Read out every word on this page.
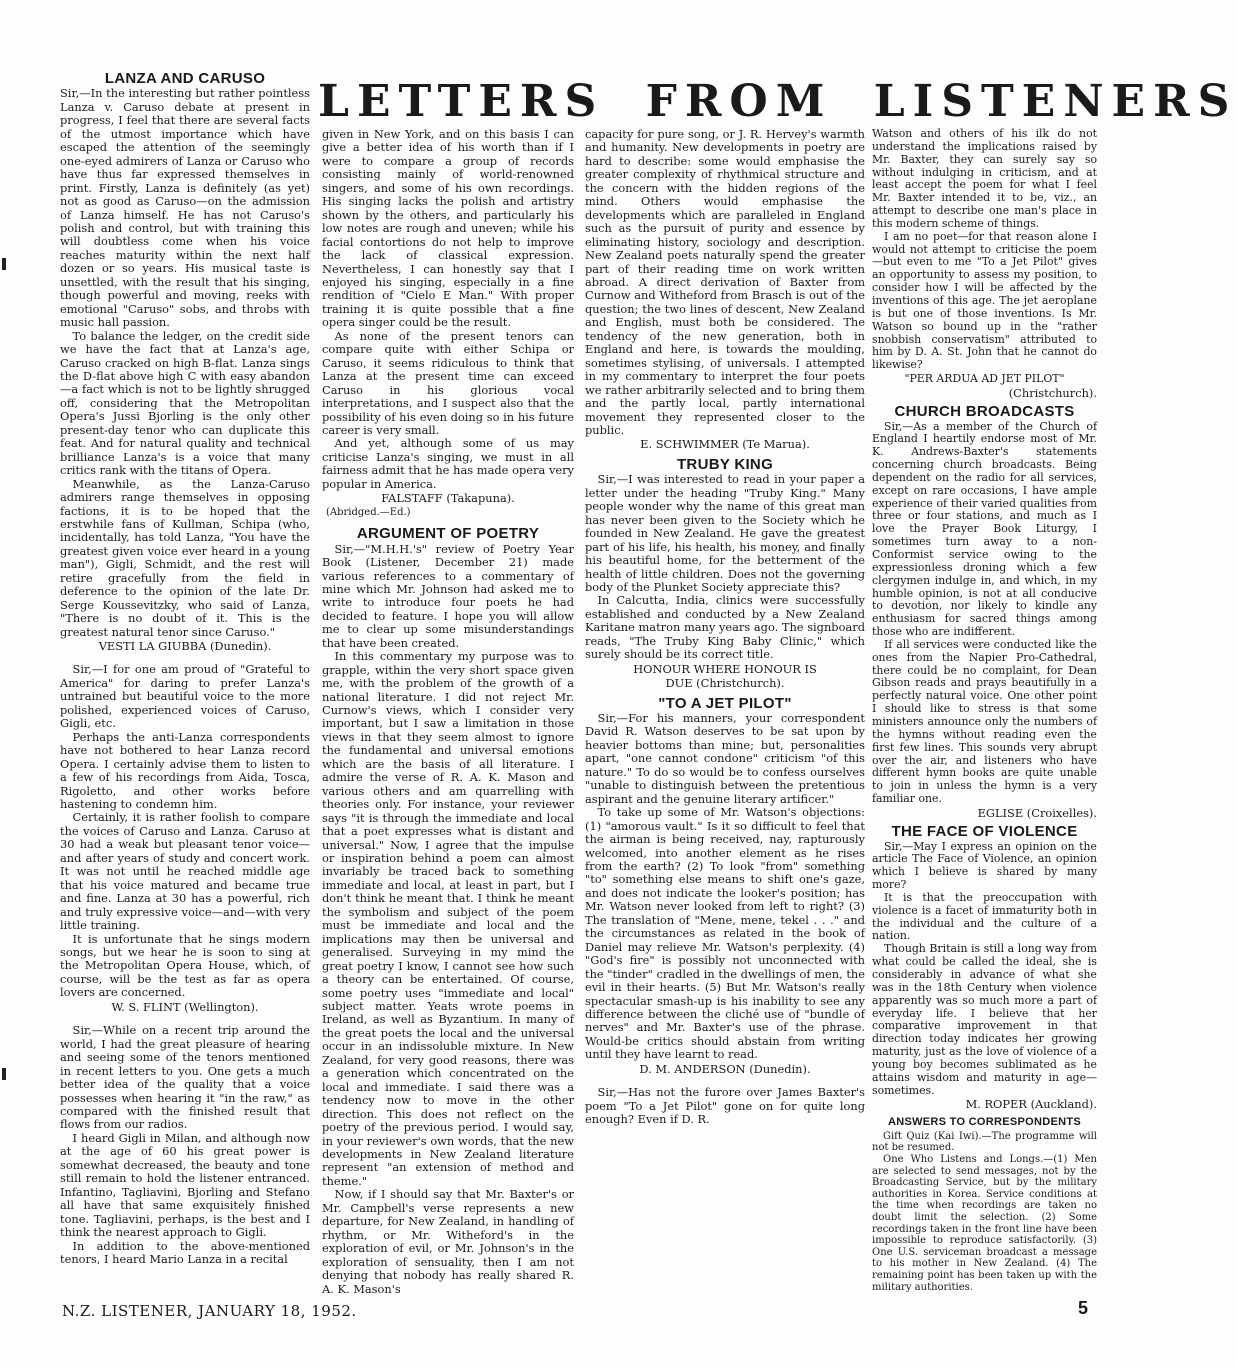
LETTERS FROM LISTENERS
LANZA AND CARUSO

Sir,—In the interesting but rather pointless Lanza v. Caruso debate at present in progress, I feel that there are several facts of the utmost importance which have escaped the attention of the seemingly one-eyed admirers of Lanza or Caruso who have thus far expressed themselves in print. Firstly, Lanza is definitely (as yet) not as good as Caruso—on the admission of Lanza himself. He has not Caruso's polish and control, but with training this will doubtless come when his voice reaches maturity within the next half dozen or so years. His musical taste is unsettled, with the result that his singing, though powerful and moving, reeks with emotional "Caruso" sobs, and throbs with music hall passion.

To balance the ledger, on the credit side we have the fact that at Lanza's age, Caruso cracked on high B-flat. Lanza sings the D-flat above high C with easy abandon—a fact which is not to be lightly shrugged off, considering that the Metropolitan Opera's Jussi Bjorling is the only other present-day tenor who can duplicate this feat. And for natural quality and technical brilliance Lanza's is a voice that many critics rank with the titans of Opera.

Meanwhile, as the Lanza-Caruso admirers range themselves in opposing factions, it is to be hoped that the erstwhile fans of Kullman, Schipa (who, incidentally, has told Lanza, "You have the greatest given voice ever heard in a young man"), Gigli, Schmidt, and the rest will retire gracefully from the field in deference to the opinion of the late Dr. Serge Koussevitzky, who said of Lanza, "There is no doubt of it. This is the greatest natural tenor since Caruso."

VESTI LA GIUBBA (Dunedin).

Sir,—I for one am proud of "Grateful to America" for daring to prefer Lanza's untrained but beautiful voice to the more polished, experienced voices of Caruso, Gigli, etc.

Perhaps the anti-Lanza correspondents have not bothered to hear Lanza record Opera. I certainly advise them to listen to a few of his recordings from Aida, Tosca, Rigoletto, and other works before hastening to condemn him.

Certainly, it is rather foolish to compare the voices of Caruso and Lanza. Caruso at 30 had a weak but pleasant tenor voice—and after years of study and concert work. It was not until he reached middle age that his voice matured and became true and fine. Lanza at 30 has a powerful, rich and truly expressive voice—and—with very little training.

It is unfortunate that he sings modern songs, but we hear he is soon to sing at the Metropolitan Opera House, which, of course, will be the test as far as opera lovers are concerned.

W. S. FLINT (Wellington).

Sir,—While on a recent trip around the world, I had the great pleasure of hearing and seeing some of the tenors mentioned in recent letters to you. One gets a much better idea of the quality that a voice possesses when hearing it "in the raw," as compared with the finished result that flows from our radios.

I heard Gigli in Milan, and although now at the age of 60 his great power is somewhat decreased, the beauty and tone still remain to hold the listener entranced. Infantino, Tagliavini, Bjorling and Stefano all have that same exquisitely finished tone. Tagliavini, perhaps, is the best and I think the nearest approach to Gigli.

In addition to the above-mentioned tenors, I heard Mario Lanza in a recital

given in New York, and on this basis I can give a better idea of his worth than if I were to compare a group of records consisting mainly of world-renowned singers, and some of his own recordings. His singing lacks the polish and artistry shown by the others, and particularly his low notes are rough and uneven; while his facial contortions do not help to improve the lack of classical expression. Nevertheless, I can honestly say that I enjoyed his singing, especially in a fine rendition of "Cielo E Man." With proper training it is quite possible that a fine opera singer could be the result.

As none of the present tenors can compare quite with either Schipa or Caruso, it seems ridiculous to think that Lanza at the present time can exceed Caruso in his glorious vocal interpretations, and I suspect also that the possibility of his even doing so in his future career is very small.

And yet, although some of us may criticise Lanza's singing, we must in all fairness admit that he has made opera very popular in America.

FALSTAFF (Takapuna).
(Abridged.—Ed.)
ARGUMENT OF POETRY

Sir,—"M.H.H.'s" review of Poetry Year Book (Listener, December 21) made various references to a commentary of mine which Mr. Johnson had asked me to write to introduce four poets he had decided to feature. I hope you will allow me to clear up some misunderstandings that have been created.

In this commentary my purpose was to grapple, within the very short space given me, with the problem of the growth of a national literature. I did not reject Mr. Curnow's views, which I consider very important, but I saw a limitation in those views in that they seem almost to ignore the fundamental and universal emotions which are the basis of all literature. I admire the verse of R. A. K. Mason and various others and am quarrelling with theories only. For instance, your reviewer says "it is through the immediate and local that a poet expresses what is distant and universal." Now, I agree that the impulse or inspiration behind a poem can almost invariably be traced back to something immediate and local, at least in part, but I don't think he meant that. I think he meant the symbolism and subject of the poem must be immediate and local and the implications may then be universal and generalised. Surveying in my mind the great poetry I know, I cannot see how such a theory can be entertained. Of course, some poetry uses "immediate and local" subject matter. Yeats wrote poems in Ireland, as well as Byzantium. In many of the great poets the local and the universal occur in an indissoluble mixture. In New Zealand, for very good reasons, there was a generation which concentrated on the local and immediate. I said there was a tendency now to move in the other direction. This does not reflect on the poetry of the previous period. I would say, in your reviewer's own words, that the new developments in New Zealand literature represent "an extension of method and theme."

Now, if I should say that Mr. Baxter's or Mr. Campbell's verse represents a new departure, for New Zealand, in handling of rhythm, or Mr. Witheford's in the exploration of evil, or Mr. Johnson's in the exploration of sensuality, then I am not denying that nobody has really shared R. A. K. Mason's

capacity for pure song, or J. R. Hervey's warmth and humanity. New developments in poetry are hard to describe: some would emphasise the greater complexity of rhythmical structure and the concern with the hidden regions of the mind. Others would emphasise the developments which are paralleled in England such as the pursuit of purity and essence by eliminating history, sociology and description. New Zealand poets naturally spend the greater part of their reading time on work written abroad. A direct derivation of Baxter from Curnow and Witheford from Brasch is out of the question; the two lines of descent, New Zealand and English, must both be considered. The tendency of the new generation, both in England and here, is towards the moulding, sometimes stylising, of universals. I attempted in my commentary to interpret the four poets we rather arbitrarily selected and to bring them and the partly local, partly international movement they represented closer to the public.

E. SCHWIMMER (Te Marua).
TRUBY KING

Sir,—I was interested to read in your paper a letter under the heading "Truby King." Many people wonder why the name of this great man has never been given to the Society which he founded in New Zealand. He gave the greatest part of his life, his health, his money, and finally his beautiful home, for the betterment of the health of little children. Does not the governing body of the Plunket Society appreciate this?

In Calcutta, India, clinics were successfully established and conducted by a New Zealand Karitane matron many years ago. The signboard reads, "The Truby King Baby Clinic," which surely should be its correct title.

HONOUR WHERE HONOUR IS
DUE (Christchurch).
"TO A JET PILOT"

Sir,—For his manners, your correspondent David R. Watson deserves to be sat upon by heavier bottoms than mine; but, personalities apart, "one cannot condone" criticism "of this nature." To do so would be to confess ourselves "unable to distinguish between the pretentious aspirant and the genuine literary artificer."

To take up some of Mr. Watson's objections: (1) "amorous vault." Is it so difficult to feel that the airman is being received, nay, rapturously welcomed, into another element as he rises from the earth? (2) To look "from" something "to" something else means to shift one's gaze, and does not indicate the looker's position; has Mr. Watson never looked from left to right? (3) The translation of "Mene, mene, tekel . . ." and the circumstances as related in the book of Daniel may relieve Mr. Watson's perplexity. (4) "God's fire" is possibly not unconnected with the "tinder" cradled in the dwellings of men, the evil in their hearts. (5) But Mr. Watson's really spectacular smash-up is his inability to see any difference between the cliché use of "bundle of nerves" and Mr. Baxter's use of the phrase. Would-be critics should abstain from writing until they have learnt to read.

D. M. ANDERSON (Dunedin).

Sir,—Has not the furore over James Baxter's poem "To a Jet Pilot" gone on for quite long enough? Even if D. R.

Watson and others of his ilk do not understand the implications raised by Mr. Baxter, they can surely say so without indulging in criticism, and at least accept the poem for what I feel Mr. Baxter intended it to be, viz., an attempt to describe one man's place in this modern scheme of things.

I am no poet—for that reason alone I would not attempt to criticise the poem—but even to me "To a Jet Pilot" gives an opportunity to assess my position, to consider how I will be affected by the inventions of this age. The jet aeroplane is but one of those inventions. Is Mr. Watson so bound up in the "rather snobbish conservatism" attributed to him by D. A. St. John that he cannot do likewise?

"PER ARDUA AD JET PILOT"
(Christchurch).
CHURCH BROADCASTS

Sir,—As a member of the Church of England I heartily endorse most of Mr. K. Andrews-Baxter's statements concerning church broadcasts. Being dependent on the radio for all services, except on rare occasions, I have ample experience of their varied qualities from three or four stations, and much as I love the Prayer Book Liturgy, I sometimes turn away to a non-Conformist service owing to the expressionless droning which a few clergymen indulge in, and which, in my humble opinion, is not at all conducive to devotion, nor likely to kindle any enthusiasm for sacred things among those who are indifferent.

If all services were conducted like the ones from the Napier Pro-Cathedral, there could be no complaint, for Dean Gibson reads and prays beautifully in a perfectly natural voice. One other point I should like to stress is that some ministers announce only the numbers of the hymns without reading even the first few lines. This sounds very abrupt over the air, and listeners who have different hymn books are quite unable to join in unless the hymn is a very familiar one.

EGLISE (Croixelles).
THE FACE OF VIOLENCE

Sir,—May I express an opinion on the article The Face of Violence, an opinion which I believe is shared by many more?

It is that the preoccupation with violence is a facet of immaturity both in the individual and the culture of a nation.

Though Britain is still a long way from what could be called the ideal, she is considerably in advance of what she was in the 18th Century when violence apparently was so much more a part of everyday life. I believe that her comparative improvement in that direction today indicates her growing maturity, just as the love of violence of a young boy becomes sublimated as he attains wisdom and maturity in age—sometimes.

M. ROPER (Auckland).
ANSWERS TO CORRESPONDENTS

Gift Quiz (Kai Iwi).—The programme will not be resumed.

One Who Listens and Longs.—(1) Men are selected to send messages, not by the Broadcasting Service, but by the military authorities in Korea. Service conditions at the time when recordings are taken no doubt limit the selection. (2) Some recordings taken in the front line have been impossible to reproduce satisfactorily. (3) One U.S. serviceman broadcast a message to his mother in New Zealand. (4) The remaining point has been taken up with the military authorities.

N.Z. LISTENER, JANUARY 18, 1952.	5
